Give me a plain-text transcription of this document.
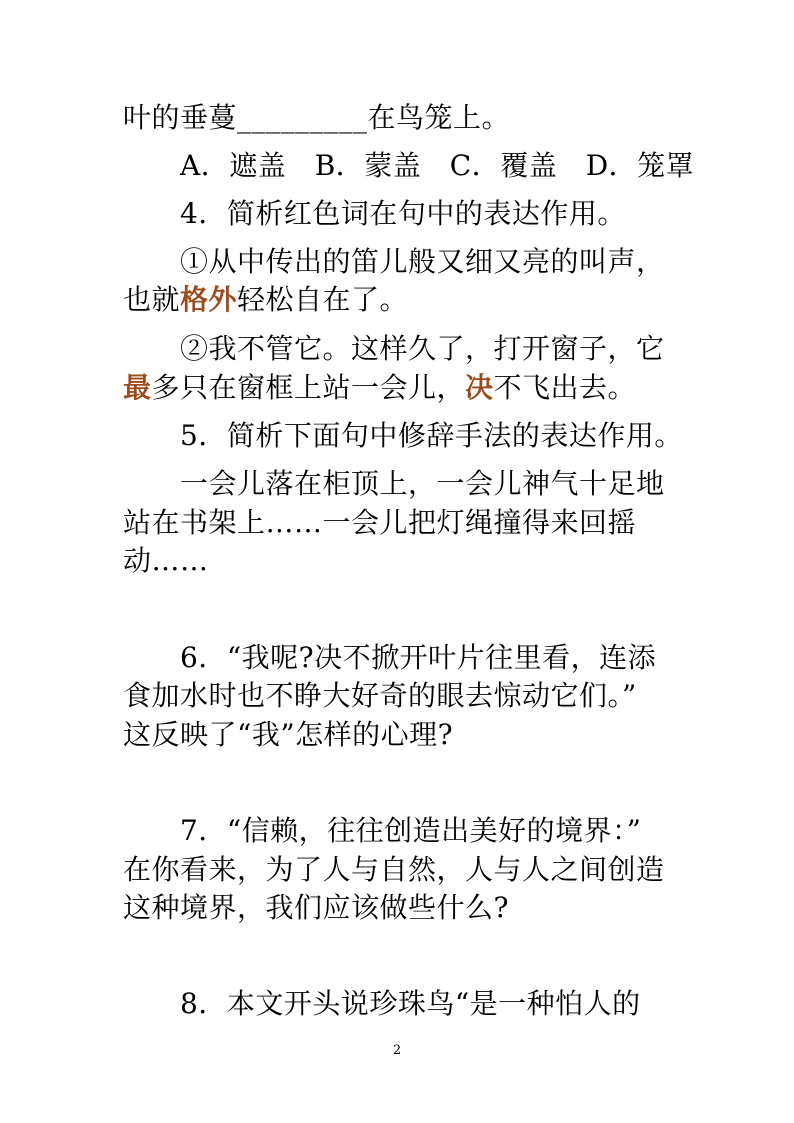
叶的垂蔓_________在鸟笼上。
A．遮盖　B．蒙盖　C．覆盖　D．笼罩
4．简析红色词在句中的表达作用。
①从中传出的笛儿般又细又亮的叫声，
也就格外轻松自在了。
②我不管它。这样久了，打开窗子，它
最多只在窗框上站一会儿，决不飞出去。
5．简析下面句中修辞手法的表达作用。
一会儿落在柜顶上，一会儿神气十足地
站在书架上……一会儿把灯绳撞得来回摇
动……
6．“我呢?决不掀开叶片往里看，连添
食加水时也不睁大好奇的眼去惊动它们。”
这反映了“我”怎样的心理?
7．“信赖，往往创造出美好的境界：”
在你看来，为了人与自然，人与人之间创造
这种境界，我们应该做些什么?
8．本文开头说珍珠鸟“是一种怕人的
2
